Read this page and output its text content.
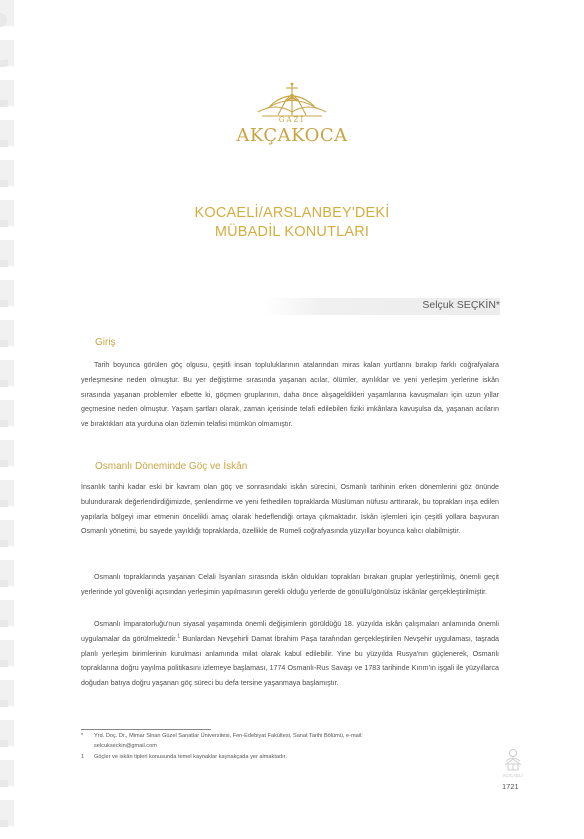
GAZİ
AKÇAKOCA
KOCAELİ/ARSLANBEY'DEKİ
MÜBADİL KONUTLARI
Selçuk SEÇKİN*
Giriş

Tarih boyunca görülen göç olgusu, çeşitli insan topluluklarının atalarından miras kalan yurtlarını bırakıp farklı coğrafyalara yerleşmesine neden olmuştur. Bu yer değiştirme sırasında yaşanan acılar, ölümler, ayrılıklar ve yeni yerleşim yerlerine iskân sırasında yaşanan problemler elbette ki, göçmen gruplarının, daha önce alışageldikleri yaşamlarına kavuşmaları için uzun yıllar geçmesine neden olmuştur. Yaşam şartları olarak, zaman içerisinde telafi edilebilen fiziki imkânlara kavuşulsa da, yaşanan acıların ve bıraktıkları ata yurduna olan özlemin telafisi mümkün olmamıştır.

Osmanlı Döneminde Göç ve İskân

İnsanlık tarihi kadar eski bir kavram olan göç ve sonrasındaki iskân sürecini, Osmanlı tarihinin erken dönemlerini göz önünde bulundurarak değerlendirdiğimizde, şenlendirme ve yeni fethedilen topraklarda Müslüman nüfusu arttırarak, bu toprakları inşa edilen yapılarla bölgeyi imar etmenin öncelikli amaç olarak hedeflendiği ortaya çıkmaktadır. İskân işlemleri için çeşitli yollara başvuran Osmanlı yönetimi, bu sayede yayıldığı topraklarda, özellikle de Rumeli coğrafyasında yüzyıllar boyunca kalıcı olabilmiştir.

Osmanlı topraklarında yaşanan Celali İsyanları sırasında iskân oldukları toprakları bırakan gruplar yerleştirilmiş, önemli geçit yerlerinde yol güvenliği açısından yerleşimin yapılmasının gerekli olduğu yerlerde de gönüllü/gönülsüz iskânlar gerçekleştirilmiştir.

Osmanlı İmparatorluğu'nun siyasal yaşamında önemli değişimlerin görüldüğü 18. yüzyılda iskân çalışmaları anlamında önemli uygulamalar da görülmektedir.$^1$ Bunlardan Nevşehirli Damat İbrahim Paşa tarafından gerçekleştirilen Nevşehir uygulaması, taşrada planlı yerleşim birimlerinin kurulması anlamında milat olarak kabul edilebilir. Yine bu yüzyılda Rusya'nın güçlenerek, Osmanlı topraklarına doğru yayılma politikasını izlemeye başlaması, 1774 Osmanlı-Rus Savaşı ve 1783 tarihinde Kırım'ın işgali ile yüzyıllarca doğudan batıya doğru yaşanan göç süreci bu defa tersine yaşanmaya başlamıştır.

* Yrd. Doç. Dr., Mimar Sinan Güzel Sanatlar Üniversitesi, Fen-Edebiyat Fakültesi, Sanat Tarihi Bölümü, e-mail:
selcukseckin@gmail.com
1 Göçler ve iskân tipleri konusunda temel kaynaklar kaynakçada yer almaktadır.
KOCAELİ
1721
